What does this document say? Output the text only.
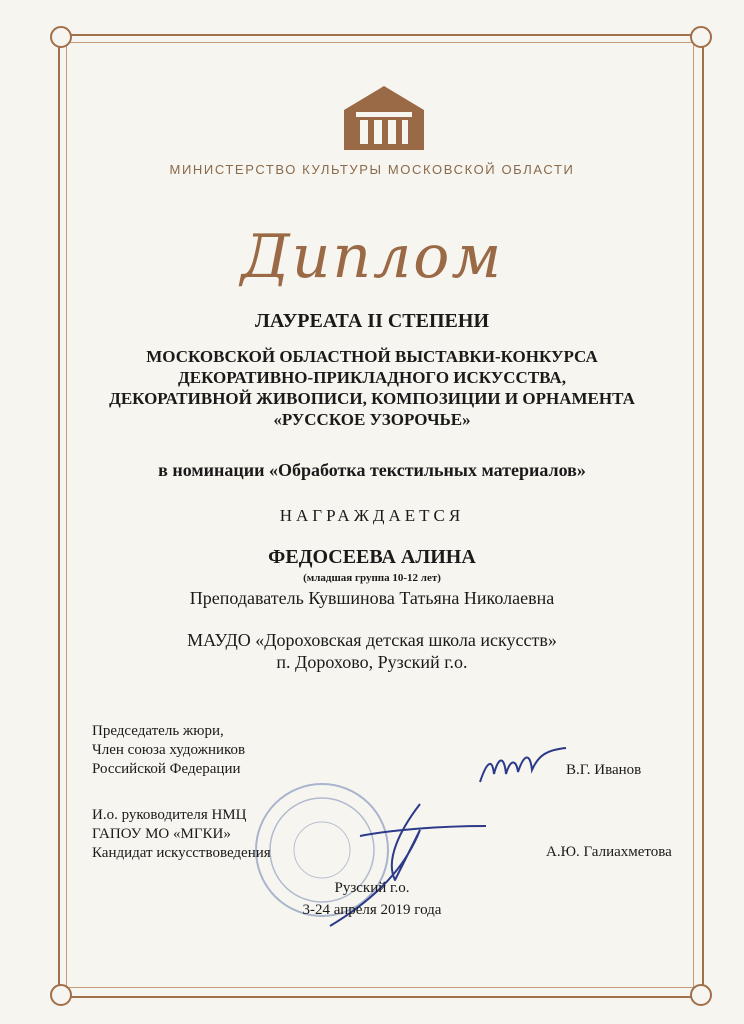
МИНИСТЕРСТВО КУЛЬТУРЫ МОСКОВСКОЙ ОБЛАСТИ
Диплом
ЛАУРЕАТА II СТЕПЕНИ
МОСКОВСКОЙ ОБЛАСТНОЙ ВЫСТАВКИ-КОНКУРСА
ДЕКОРАТИВНО-ПРИКЛАДНОГО ИСКУССТВА,
ДЕКОРАТИВНОЙ ЖИВОПИСИ, КОМПОЗИЦИИ И ОРНАМЕНТА
«РУССКОЕ УЗОРОЧЬЕ»
в номинации «Обработка текстильных материалов»
НАГРАЖДАЕТСЯ
ФЕДОСЕЕВА АЛИНА
(младшая группа 10-12 лет)
Преподаватель Кувшинова Татьяна Николаевна
МАУДО «Дороховская детская школа искусств»
п. Дорохово, Рузский г.о.
Председатель жюри,
Член союза художников
Российской Федерации	В.Г. Иванов
И.о. руководителя НМЦ
ГАПОУ МО «МГКИ»
Кандидат искусствоведения	А.Ю. Галиахметова
Рузский г.о.
3-24 апреля 2019 года
